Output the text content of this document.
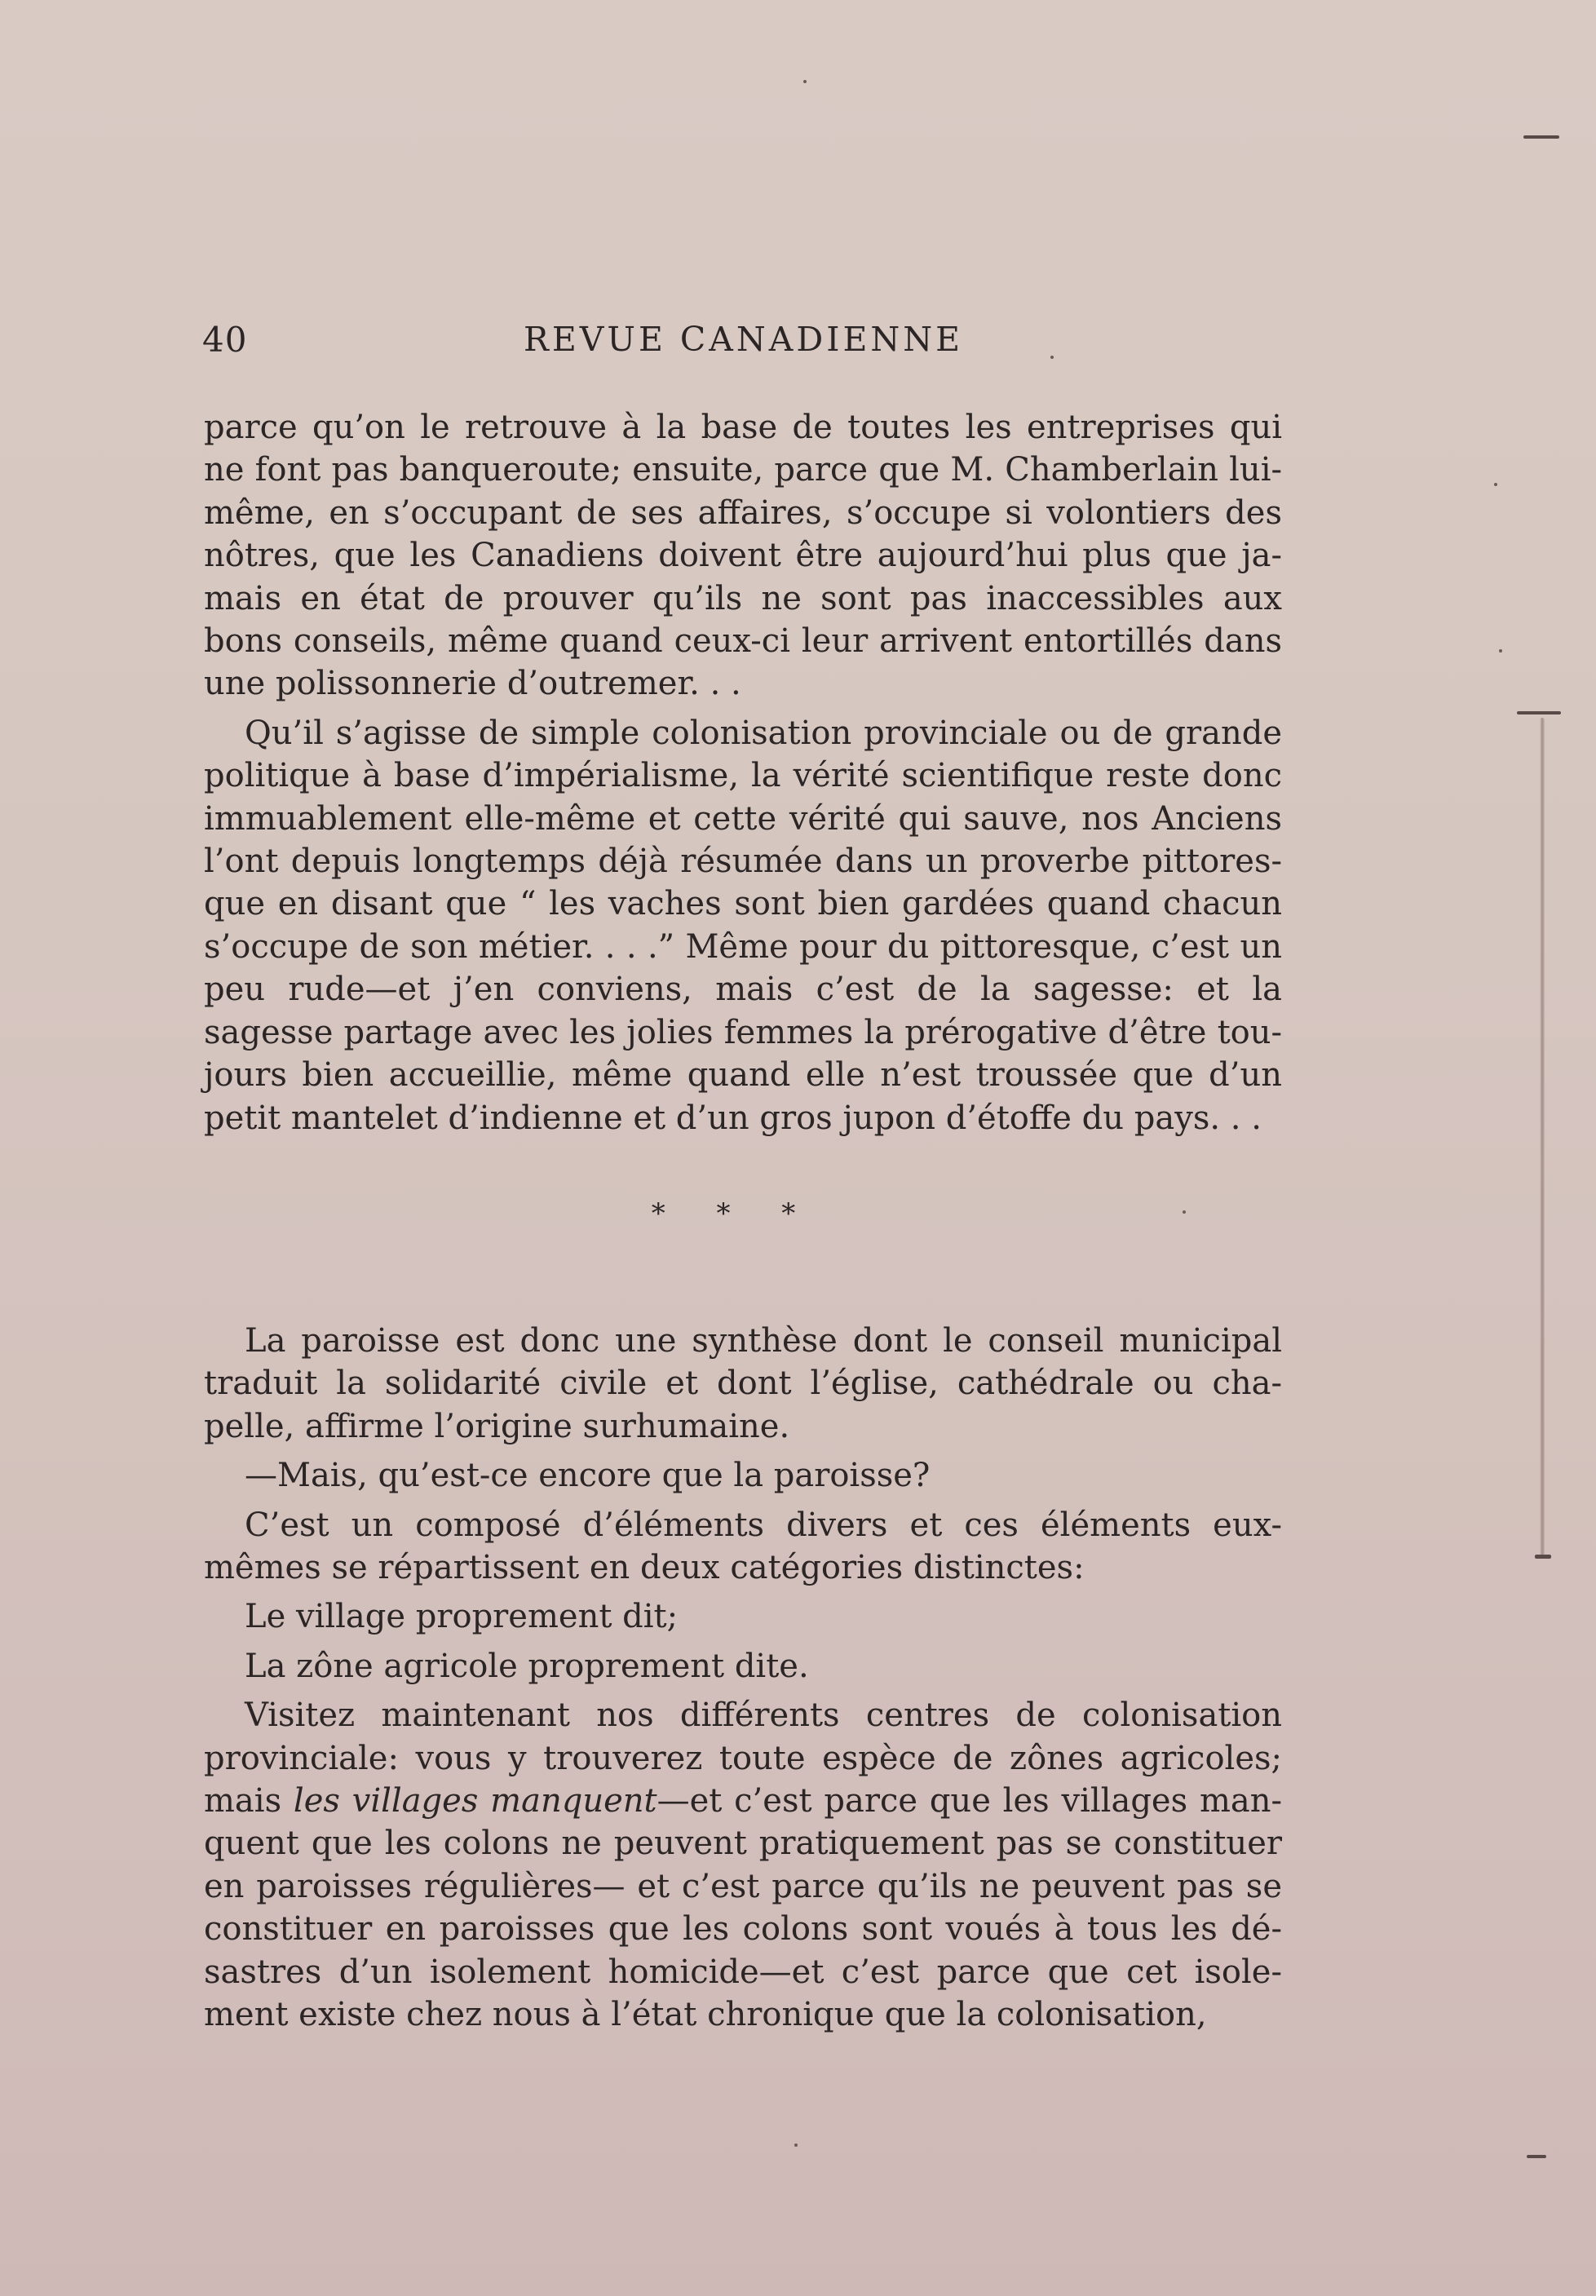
40	REVUE CANADIENNE

parce qu’on le retrouve à la base de toutes les entreprises qui ne font pas banqueroute; ensuite, parce que M. Chamberlain lui-même, en s’occupant de ses affaires, s’occupe si volontiers des nôtres, que les Canadiens doivent être aujourd’hui plus que ja-mais en état de prouver qu’ils ne sont pas inaccessibles aux bons conseils, même quand ceux-ci leur arrivent entortillés dans une polissonnerie d’outremer. . .

Qu’il s’agisse de simple colonisation provinciale ou de grande politique à base d’impérialisme, la vérité scientifique reste donc immuablement elle-même et cette vérité qui sauve, nos Anciens l’ont depuis longtemps déjà résumée dans un proverbe pittores-que en disant que “ les vaches sont bien gardées quand chacun s’occupe de son métier. . . .” Même pour du pittoresque, c’est un peu rude—et j’en conviens, mais c’est de la sagesse: et la sagesse partage avec les jolies femmes la prérogative d’être tou-jours bien accueillie, même quand elle n’est troussée que d’un petit mantelet d’indienne et d’un gros jupon d’étoffe du pays. . .

* * *

La paroisse est donc une synthèse dont le conseil municipal traduit la solidarité civile et dont l’église, cathédrale ou cha-pelle, affirme l’origine surhumaine.

—Mais, qu’est-ce encore que la paroisse?

C’est un composé d’éléments divers et ces éléments eux-mêmes se répartissent en deux catégories distinctes:

Le village proprement dit;

La zône agricole proprement dite.

Visitez maintenant nos différents centres de colonisation provinciale: vous y trouverez toute espèce de zônes agricoles; mais les villages manquent—et c’est parce que les villages man-quent que les colons ne peuvent pratiquement pas se constituer en paroisses régulières— et c’est parce qu’ils ne peuvent pas se constituer en paroisses que les colons sont voués à tous les dé-sastres d’un isolement homicide—et c’est parce que cet isole-ment existe chez nous à l’état chronique que la colonisation,
